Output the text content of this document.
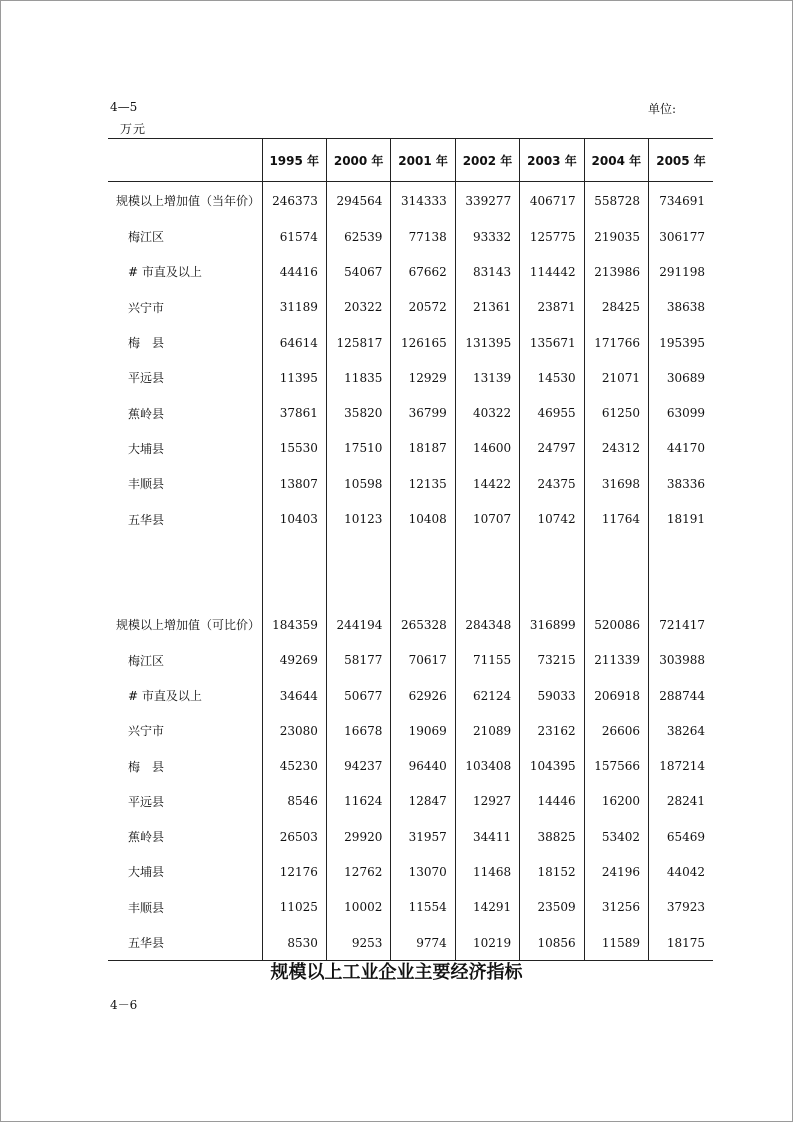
4—5	单位:
万元
	1995 年	2000 年	2001 年	2002 年	2003 年	2004 年	2005 年
规模以上增加值（当年价）	246373	294564	314333	339277	406717	558728	734691
梅江区	61574	62539	77138	93332	125775	219035	306177
# 市直及以上	44416	54067	67662	83143	114442	213986	291198
兴宁市	31189	20322	20572	21361	23871	28425	38638
梅　县	64614	125817	126165	131395	135671	171766	195395
平远县	11395	11835	12929	13139	14530	21071	30689
蕉岭县	37861	35820	36799	40322	46955	61250	63099
大埔县	15530	17510	18187	14600	24797	24312	44170
丰顺县	13807	10598	12135	14422	24375	31698	38336
五华县	10403	10123	10408	10707	10742	11764	18191

规模以上增加值（可比价）	184359	244194	265328	284348	316899	520086	721417
梅江区	49269	58177	70617	71155	73215	211339	303988
# 市直及以上	34644	50677	62926	62124	59033	206918	288744
兴宁市	23080	16678	19069	21089	23162	26606	38264
梅　县	45230	94237	96440	103408	104395	157566	187214
平远县	8546	11624	12847	12927	14446	16200	28241
蕉岭县	26503	29920	31957	34411	38825	53402	65469
大埔县	12176	12762	13070	11468	18152	24196	44042
丰顺县	11025	10002	11554	14291	23509	31256	37923
五华县	8530	9253	9774	10219	10856	11589	18175
规模以上工业企业主要经济指标
4－6
